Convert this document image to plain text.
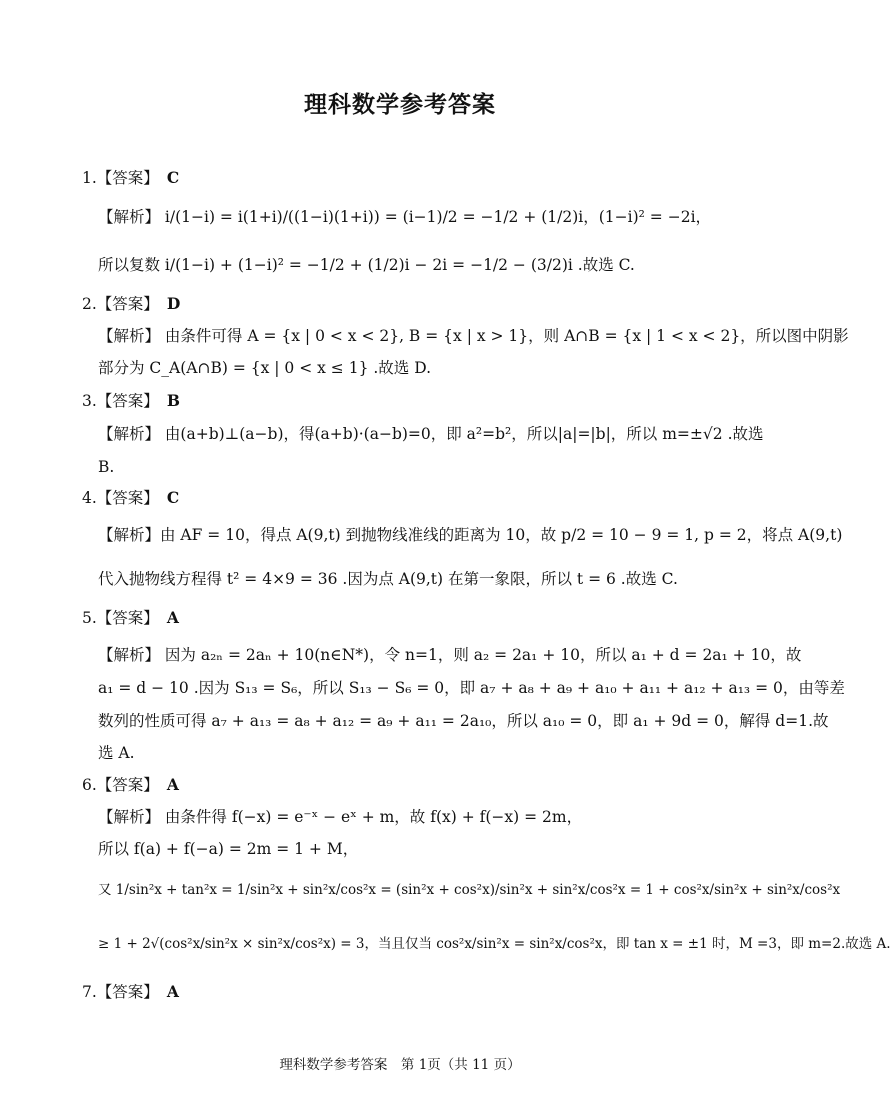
理科数学参考答案
1.【答案】 C
【解析】 i/(1−i) = i(1+i)/((1−i)(1+i)) = (i−1)/2 = −1/2 + (1/2)i，(1−i)² = −2i，
所以复数 i/(1−i) + (1−i)² = −1/2 + (1/2)i − 2i = −1/2 − (3/2)i .故选 C.
2.【答案】 D
【解析】 由条件可得 A = {x | 0 < x < 2}, B = {x | x > 1}，则 A∩B = {x | 1 < x < 2}，所以图中阴影
部分为 C_A(A∩B) = {x | 0 < x ≤ 1} .故选 D.
3.【答案】 B
【解析】 由(a+b)⊥(a−b)，得(a+b)·(a−b)=0，即 a²=b²，所以|a|=|b|，所以 m=±√2 .故选
B.
4.【答案】 C
【解析】由 AF = 10，得点 A(9,t) 到抛物线准线的距离为 10，故 p/2 = 10 − 9 = 1, p = 2，将点 A(9,t)
代入抛物线方程得 t² = 4×9 = 36 .因为点 A(9,t) 在第一象限，所以 t = 6 .故选 C.
5.【答案】 A
【解析】 因为 a₂ₙ = 2aₙ + 10(n∈N*)，令 n=1，则 a₂ = 2a₁ + 10，所以 a₁ + d = 2a₁ + 10，故
a₁ = d − 10 .因为 S₁₃ = S₆，所以 S₁₃ − S₆ = 0，即 a₇ + a₈ + a₉ + a₁₀ + a₁₁ + a₁₂ + a₁₃ = 0，由等差
数列的性质可得 a₇ + a₁₃ = a₈ + a₁₂ = a₉ + a₁₁ = 2a₁₀，所以 a₁₀ = 0，即 a₁ + 9d = 0，解得 d=1.故
选 A.
6.【答案】 A
【解析】 由条件得 f(−x) = e⁻ˣ − eˣ + m，故 f(x) + f(−x) = 2m，
所以 f(a) + f(−a) = 2m = 1 + M，
又 1/sin²x + tan²x = 1/sin²x + sin²x/cos²x = (sin²x + cos²x)/sin²x + sin²x/cos²x = 1 + cos²x/sin²x + sin²x/cos²x
≥ 1 + 2√(cos²x/sin²x × sin²x/cos²x) = 3，当且仅当 cos²x/sin²x = sin²x/cos²x，即 tan x = ±1 时，M =3，即 m=2.故选 A.
7.【答案】 A
理科数学参考答案　第 1页（共 11 页）
